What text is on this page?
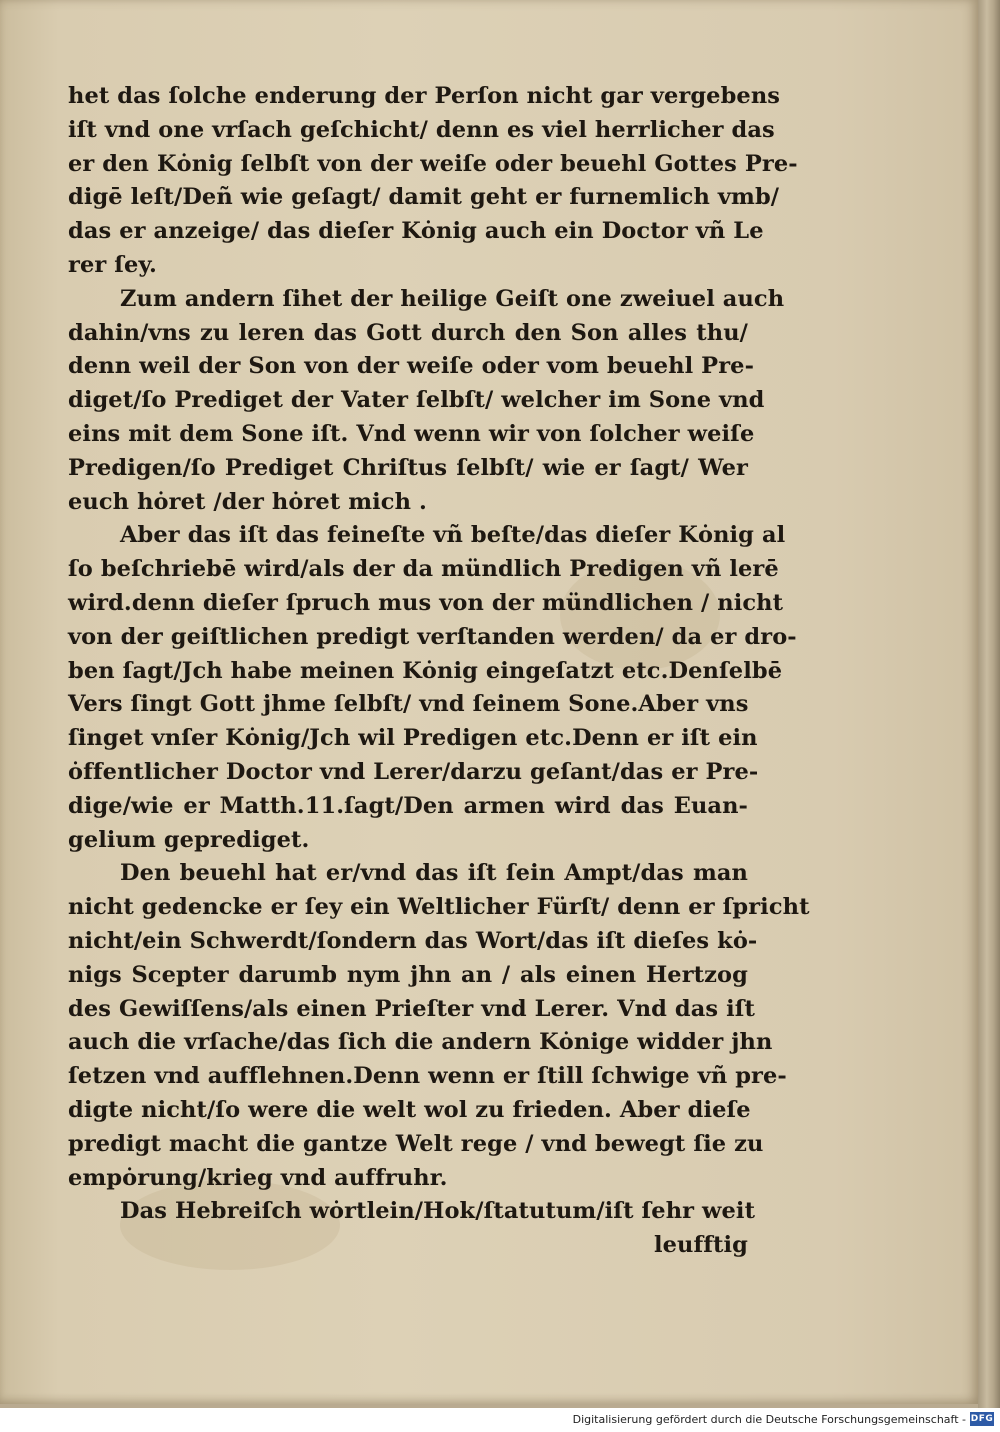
het das ſolche enderung der Perſon nicht gar vergebens
iſt vnd one vrſach geſchicht/ denn es viel herrlicher das
er den Kȯnig ſelbſt von der weiſe oder beuehl Gottes Pre-
digē leſt/Deñ wie geſagt/ damit geht er furnemlich vmb/
das er anzeige/ das dieſer Kȯnig auch ein Doctor vñ Le
rer ſey.
Zum andern ſihet der heilige Geiſt one zweiuel auch
dahin/vns zu leren das Gott durch den Son alles thu/
denn weil der Son von der weiſe oder vom beuehl Pre-
diget/ſo Prediget der Vater ſelbſt/ welcher im Sone vnd
eins mit dem Sone iſt. Vnd wenn wir von ſolcher weiſe
Predigen/ſo Prediget Chriſtus ſelbſt/ wie er ſagt/ Wer
euch hȯret /der hȯret mich .
Aber das iſt das feineſte vñ beſte/das dieſer Kȯnig al
ſo beſchriebē wird/als der da mündlich Predigen vñ lerē
wird.denn dieſer ſpruch mus von der mündlichen / nicht
von der geiſtlichen predigt verſtanden werden/ da er dro-
ben ſagt/Jch habe meinen Kȯnig eingeſatzt etc.Denſelbē
Vers ſingt Gott jhme ſelbſt/ vnd ſeinem Sone.Aber vns
ſinget vnſer Kȯnig/Jch wil Predigen etc.Denn er iſt ein
ȯffentlicher Doctor vnd Lerer/darzu geſant/das er Pre-
dige/wie er Matth.11.ſagt/Den armen wird das Euan-
gelium geprediget.
Den beuehl hat er/vnd das iſt ſein Ampt/das man
nicht gedencke er ſey ein Weltlicher Fürſt/ denn er ſpricht
nicht/ein Schwerdt/ſondern das Wort/das iſt dieſes kȯ-
nigs Scepter darumb nym jhn an / als einen Hertzog
des Gewiſſens/als einen Prieſter vnd Lerer. Vnd das iſt
auch die vrſache/das ſich die andern Kȯnige widder jhn
ſetzen vnd aufflehnen.Denn wenn er ſtill ſchwige vñ pre-
digte nicht/ſo were die welt wol zu frieden. Aber dieſe
predigt macht die gantze Welt rege / vnd bewegt ſie zu
empȯrung/krieg vnd auffruhr.
Das Hebreiſch wȯrtlein/Hok/ſtatutum/iſt ſehr weit
leufftig
Digitalisierung gefördert durch die Deutsche Forschungsgemeinschaft - DFG
